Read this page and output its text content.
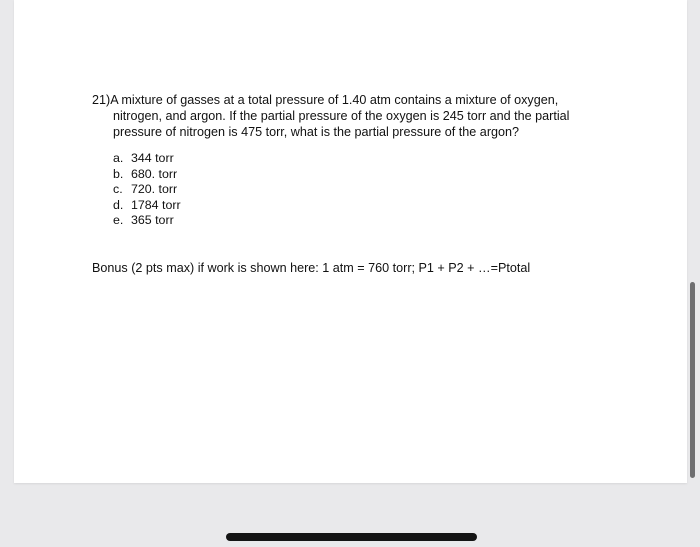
21)A mixture of gasses at a total pressure of 1.40 atm contains a mixture of oxygen,

nitrogen, and argon. If the partial pressure of the oxygen is 245 torr and the partial

pressure of nitrogen is 475 torr, what is the partial pressure of the argon?

a. 344 torr
b. 680. torr
c. 720. torr
d. 1784 torr
e. 365 torr
Bonus (2 pts max) if work is shown here: 1 atm = 760 torr; P1 + P2 + …=Ptotal
